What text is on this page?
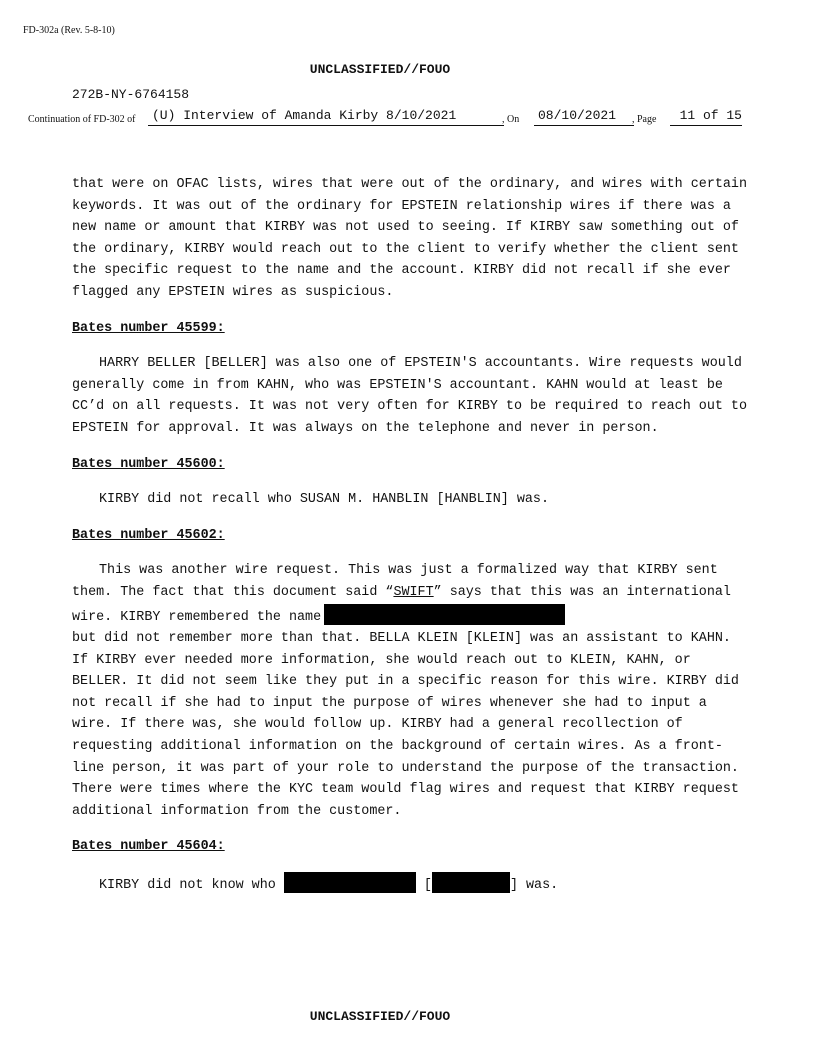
FD-302a (Rev. 5-8-10)
UNCLASSIFIED//FOUO
272B-NY-6764158
Continuation of FD-302 of	(U) Interview of Amanda Kirby 8/10/2021	, On	08/10/2021	, Page	11 of 15

that were on OFAC lists, wires that were out of the ordinary, and wires with certain keywords. It was out of the ordinary for EPSTEIN relationship wires if there was a new name or amount that KIRBY was not used to seeing. If KIRBY saw something out of the ordinary, KIRBY would reach out to the client to verify whether the client sent the specific request to the name and the account. KIRBY did not recall if she ever flagged any EPSTEIN wires as suspicious.

Bates number 45599:

HARRY BELLER [BELLER] was also one of EPSTEIN'S accountants. Wire requests would generally come in from KAHN, who was EPSTEIN'S accountant. KAHN would at least be CC’d on all requests. It was not very often for KIRBY to be required to reach out to EPSTEIN for approval. It was always on the telephone and never in person.

Bates number 45600:

KIRBY did not recall who SUSAN M. HANBLIN [HANBLIN] was.

Bates number 45602:

This was another wire request. This was just a formalized way that KIRBY sent them. The fact that this document said “SWIFT” says that this was an international wire. KIRBY remembered the name
but did not remember more than that. BELLA KLEIN [KLEIN] was an assistant to KAHN. If KIRBY ever needed more information, she would reach out to KLEIN, KAHN, or BELLER. It did not seem like they put in a specific reason for this wire. KIRBY did not recall if she had to input the purpose of wires whenever she had to input a wire. If there was, she would follow up. KIRBY had a general recollection of requesting additional information on the background of certain wires. As a front-line person, it was part of your role to understand the purpose of the transaction. There were times where the KYC team would flag wires and request that KIRBY request additional information from the customer.

Bates number 45604:

KIRBY did not know who	[	] was.

UNCLASSIFIED//FOUO
